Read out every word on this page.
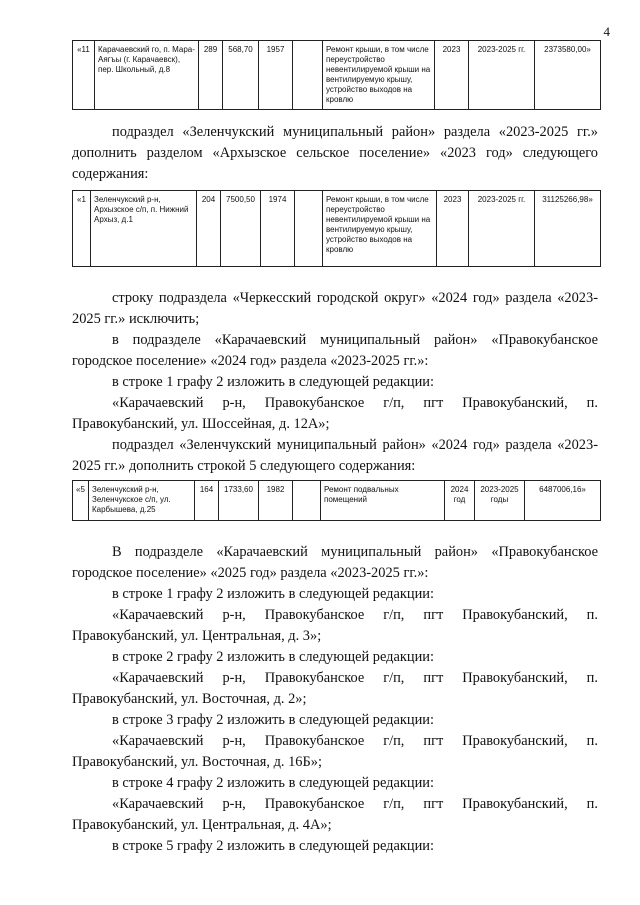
4
«11	Карачаевский го, п. Мара-Аягъы (г. Карачаевск), пер. Школьный, д.8	289	568,70	1957		Ремонт крыши, в том числе переустройство невентилируемой крыши на вентилируемую крышу, устройство выходов на кровлю	2023	2023-2025 гг.	2373580,00»
подраздел «Зеленчукский муниципальный район» раздела «2023-2025 гг.» дополнить разделом «Архызское сельское поселение» «2023 год» следующего содержания:
«1	Зеленчукский р-н, Архызское с/п, п. Нижний Архыз, д.1	204	7500,50	1974		Ремонт крыши, в том числе переустройство невентилируемой крыши на вентилируемую крышу, устройство выходов на кровлю	2023	2023-2025 гг.	31125266,98»
строку подраздела «Черкесский городской округ» «2024 год» раздела «2023-2025 гг.» исключить;
в подразделе «Карачаевский муниципальный район» «Правокубанское городское поселение» «2024 год» раздела «2023-2025 гг.»:
в строке 1 графу 2 изложить в следующей редакции:
«Карачаевский р-н, Правокубанское г/п, пгт Правокубанский, п. Правокубанский, ул. Шоссейная, д. 12А»;
подраздел «Зеленчукский муниципальный район» «2024 год» раздела «2023-2025 гг.» дополнить строкой 5 следующего содержания:
«5	Зеленчукский р-н, Зеленчукское с/п, ул. Карбышева, д.25	164	1733,60	1982		Ремонт подвальных помещений	2024 год	2023-2025 годы	6487006,16»
В подразделе «Карачаевский муниципальный район» «Правокубанское городское поселение» «2025 год» раздела «2023-2025 гг.»:
в строке 1 графу 2 изложить в следующей редакции:
«Карачаевский р-н, Правокубанское г/п, пгт Правокубанский, п. Правокубанский, ул. Центральная, д. 3»;
в строке 2 графу 2 изложить в следующей редакции:
«Карачаевский р-н, Правокубанское г/п, пгт Правокубанский, п. Правокубанский, ул. Восточная, д. 2»;
в строке 3 графу 2 изложить в следующей редакции:
«Карачаевский р-н, Правокубанское г/п, пгт Правокубанский, п. Правокубанский, ул. Восточная, д. 16Б»;
в строке 4 графу 2 изложить в следующей редакции:
«Карачаевский р-н, Правокубанское г/п, пгт Правокубанский, п. Правокубанский, ул. Центральная, д. 4А»;
в строке 5 графу 2 изложить в следующей редакции:
